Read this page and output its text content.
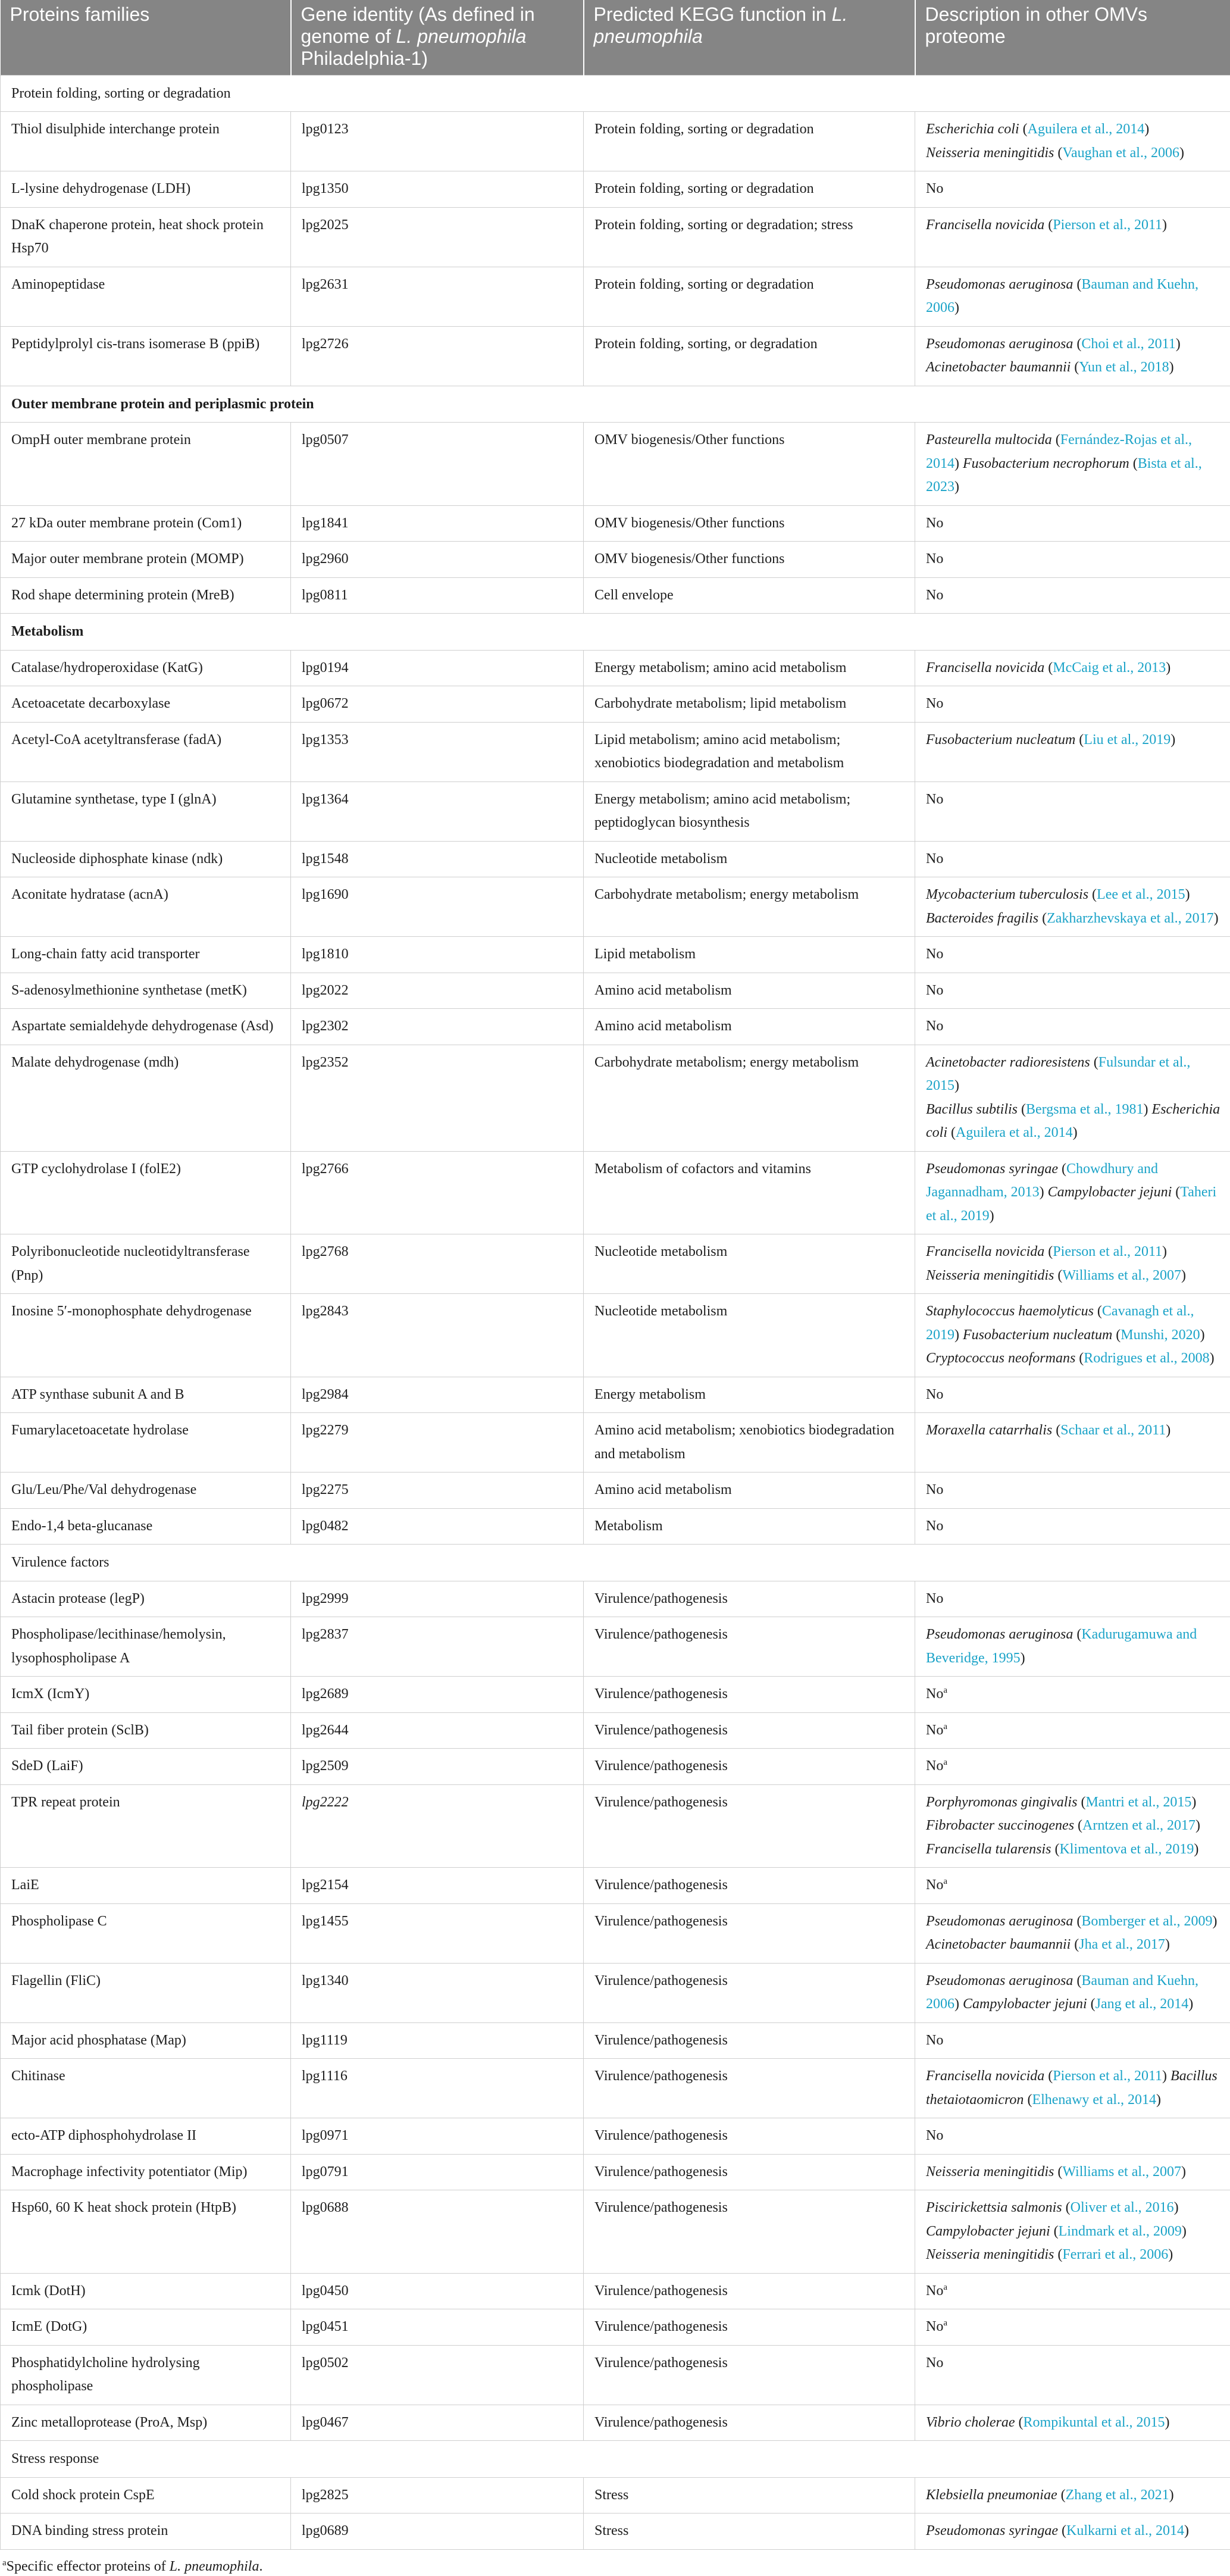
Proteins families	Gene identity (As defined in genome of L. pneumophila Philadelphia-1)	Predicted KEGG function in L. pneumophila	Description in other OMVs proteome
Protein folding, sorting or degradation			
Thiol disulphide interchange protein	lpg0123	Protein folding, sorting or degradation	Escherichia coli (Aguilera et al., 2014)
Neisseria meningitidis (Vaughan et al., 2006)
L-lysine dehydrogenase (LDH)	lpg1350	Protein folding, sorting or degradation	No
DnaK chaperone protein, heat shock protein Hsp70	lpg2025	Protein folding, sorting or degradation; stress	Francisella novicida (Pierson et al., 2011)
Aminopeptidase	lpg2631	Protein folding, sorting or degradation	Pseudomonas aeruginosa (Bauman and Kuehn, 2006)
Peptidylprolyl cis-trans isomerase B (ppiB)	lpg2726	Protein folding, sorting, or degradation	Pseudomonas aeruginosa (Choi et al., 2011)
Acinetobacter baumannii (Yun et al., 2018)
Outer membrane protein and periplasmic protein			
OmpH outer membrane protein	lpg0507	OMV biogenesis/Other functions	Pasteurella multocida (Fernández-Rojas et al., 2014) Fusobacterium necrophorum (Bista et al., 2023)
27 kDa outer membrane protein (Com1)	lpg1841	OMV biogenesis/Other functions	No
Major outer membrane protein (MOMP)	lpg2960	OMV biogenesis/Other functions	No
Rod shape determining protein (MreB)	lpg0811	Cell envelope	No
Metabolism			
Catalase/hydroperoxidase (KatG)	lpg0194	Energy metabolism; amino acid metabolism	Francisella novicida (McCaig et al., 2013)
Acetoacetate decarboxylase	lpg0672	Carbohydrate metabolism; lipid metabolism	No
Acetyl-CoA acetyltransferase (fadA)	lpg1353	Lipid metabolism; amino acid metabolism; xenobiotics biodegradation and metabolism	Fusobacterium nucleatum (Liu et al., 2019)
Glutamine synthetase, type I (glnA)	lpg1364	Energy metabolism; amino acid metabolism; peptidoglycan biosynthesis	No
Nucleoside diphosphate kinase (ndk)	lpg1548	Nucleotide metabolism	No
Aconitate hydratase (acnA)	lpg1690	Carbohydrate metabolism; energy metabolism	Mycobacterium tuberculosis (Lee et al., 2015)
Bacteroides fragilis (Zakharzhevskaya et al., 2017)
Long-chain fatty acid transporter	lpg1810	Lipid metabolism	No
S-adenosylmethionine synthetase (metK)	lpg2022	Amino acid metabolism	No
Aspartate semialdehyde dehydrogenase (Asd)	lpg2302	Amino acid metabolism	No
Malate dehydrogenase (mdh)	lpg2352	Carbohydrate metabolism; energy metabolism	Acinetobacter radioresistens (Fulsundar et al., 2015)
Bacillus subtilis (Bergsma et al., 1981) Escherichia coli (Aguilera et al., 2014)
GTP cyclohydrolase I (folE2)	lpg2766	Metabolism of cofactors and vitamins	Pseudomonas syringae (Chowdhury and Jagannadham, 2013) Campylobacter jejuni (Taheri et al., 2019)
Polyribonucleotide nucleotidyltransferase (Pnp)	lpg2768	Nucleotide metabolism	Francisella novicida (Pierson et al., 2011)
Neisseria meningitidis (Williams et al., 2007)
Inosine 5′-monophosphate dehydrogenase	lpg2843	Nucleotide metabolism	Staphylococcus haemolyticus (Cavanagh et al., 2019) Fusobacterium nucleatum (Munshi, 2020)
Cryptococcus neoformans (Rodrigues et al., 2008)
ATP synthase subunit A and B	lpg2984	Energy metabolism	No
Fumarylacetoacetate hydrolase	lpg2279	Amino acid metabolism; xenobiotics biodegradation and metabolism	Moraxella catarrhalis (Schaar et al., 2011)
Glu/Leu/Phe/Val dehydrogenase	lpg2275	Amino acid metabolism	No
Endo-1,4 beta-glucanase	lpg0482	Metabolism	No
Virulence factors			
Astacin protease (legP)	lpg2999	Virulence/pathogenesis	No
Phospholipase/lecithinase/hemolysin, lysophospholipase A	lpg2837	Virulence/pathogenesis	Pseudomonas aeruginosa (Kadurugamuwa and Beveridge, 1995)
IcmX (IcmY)	lpg2689	Virulence/pathogenesis	No$^a$
Tail fiber protein (SclB)	lpg2644	Virulence/pathogenesis	No$^a$
SdeD (LaiF)	lpg2509	Virulence/pathogenesis	No$^a$
TPR repeat protein	lpg2222	Virulence/pathogenesis	Porphyromonas gingivalis (Mantri et al., 2015)
Fibrobacter succinogenes (Arntzen et al., 2017)
Francisella tularensis (Klimentova et al., 2019)
LaiE	lpg2154	Virulence/pathogenesis	No$^a$
Phospholipase C	lpg1455	Virulence/pathogenesis	Pseudomonas aeruginosa (Bomberger et al., 2009) Acinetobacter baumannii (Jha et al., 2017)
Flagellin (FliC)	lpg1340	Virulence/pathogenesis	Pseudomonas aeruginosa (Bauman and Kuehn, 2006) Campylobacter jejuni (Jang et al., 2014)
Major acid phosphatase (Map)	lpg1119	Virulence/pathogenesis	No
Chitinase	lpg1116	Virulence/pathogenesis	Francisella novicida (Pierson et al., 2011) Bacillus thetaiotaomicron (Elhenawy et al., 2014)
ecto-ATP diphosphohydrolase II	lpg0971	Virulence/pathogenesis	No
Macrophage infectivity potentiator (Mip)	lpg0791	Virulence/pathogenesis	Neisseria meningitidis (Williams et al., 2007)
Hsp60, 60 K heat shock protein (HtpB)	lpg0688	Virulence/pathogenesis	Piscirickettsia salmonis (Oliver et al., 2016)
Campylobacter jejuni (Lindmark et al., 2009)
Neisseria meningitidis (Ferrari et al., 2006)
Icmk (DotH)	lpg0450	Virulence/pathogenesis	No$^a$
IcmE (DotG)	lpg0451	Virulence/pathogenesis	No$^a$
Phosphatidylcholine hydrolysing phospholipase	lpg0502	Virulence/pathogenesis	No
Zinc metalloprotease (ProA, Msp)	lpg0467	Virulence/pathogenesis	Vibrio cholerae (Rompikuntal et al., 2015)
Stress response			
Cold shock protein CspE	lpg2825	Stress	Klebsiella pneumoniae (Zhang et al., 2021)
DNA binding stress protein	lpg0689	Stress	Pseudomonas syringae (Kulkarni et al., 2014)
$^a$Specific effector proteins of L. pneumophila.
